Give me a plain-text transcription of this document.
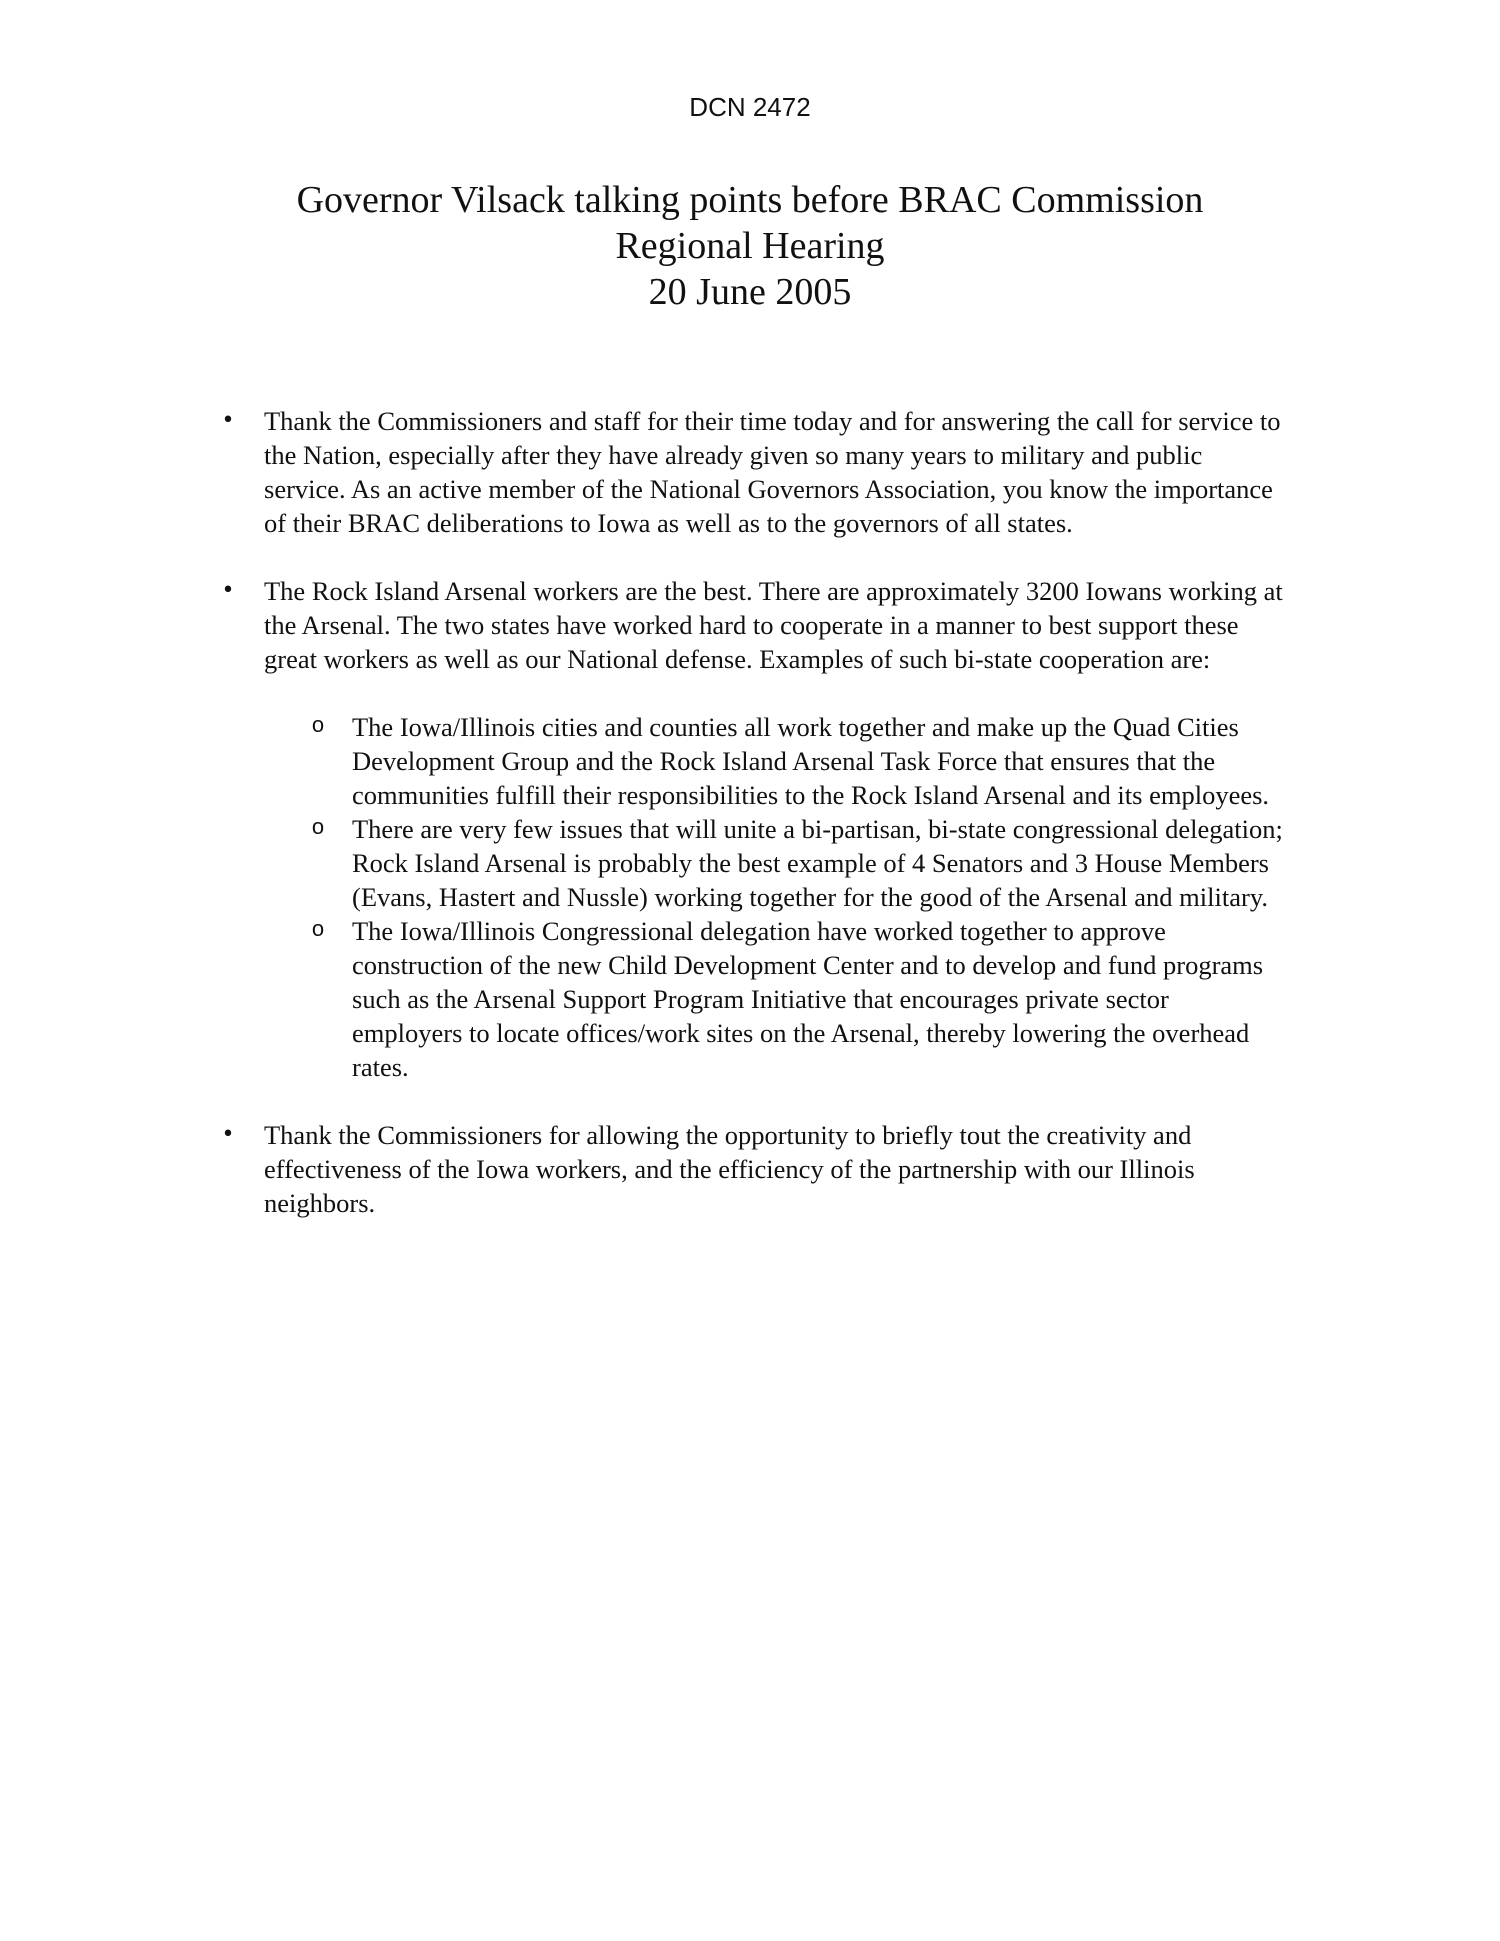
DCN 2472
Governor Vilsack talking points before BRAC Commission
Regional Hearing
20 June 2005
• Thank the Commissioners and staff for their time today and for answering the call for service to the Nation, especially after they have already given so many years to military and public service. As an active member of the National Governors Association, you know the importance of their BRAC deliberations to Iowa as well as to the governors of all states.
• The Rock Island Arsenal workers are the best. There are approximately 3200 Iowans working at the Arsenal. The two states have worked hard to cooperate in a manner to best support these great workers as well as our National defense. Examples of such bi-state cooperation are:
o The Iowa/Illinois cities and counties all work together and make up the Quad Cities Development Group and the Rock Island Arsenal Task Force that ensures that the communities fulfill their responsibilities to the Rock Island Arsenal and its employees.
o There are very few issues that will unite a bi-partisan, bi-state congressional delegation; Rock Island Arsenal is probably the best example of 4 Senators and 3 House Members (Evans, Hastert and Nussle) working together for the good of the Arsenal and military.
o The Iowa/Illinois Congressional delegation have worked together to approve construction of the new Child Development Center and to develop and fund programs such as the Arsenal Support Program Initiative that encourages private sector employers to locate offices/work sites on the Arsenal, thereby lowering the overhead rates.
• Thank the Commissioners for allowing the opportunity to briefly tout the creativity and effectiveness of the Iowa workers, and the efficiency of the partnership with our Illinois neighbors.
